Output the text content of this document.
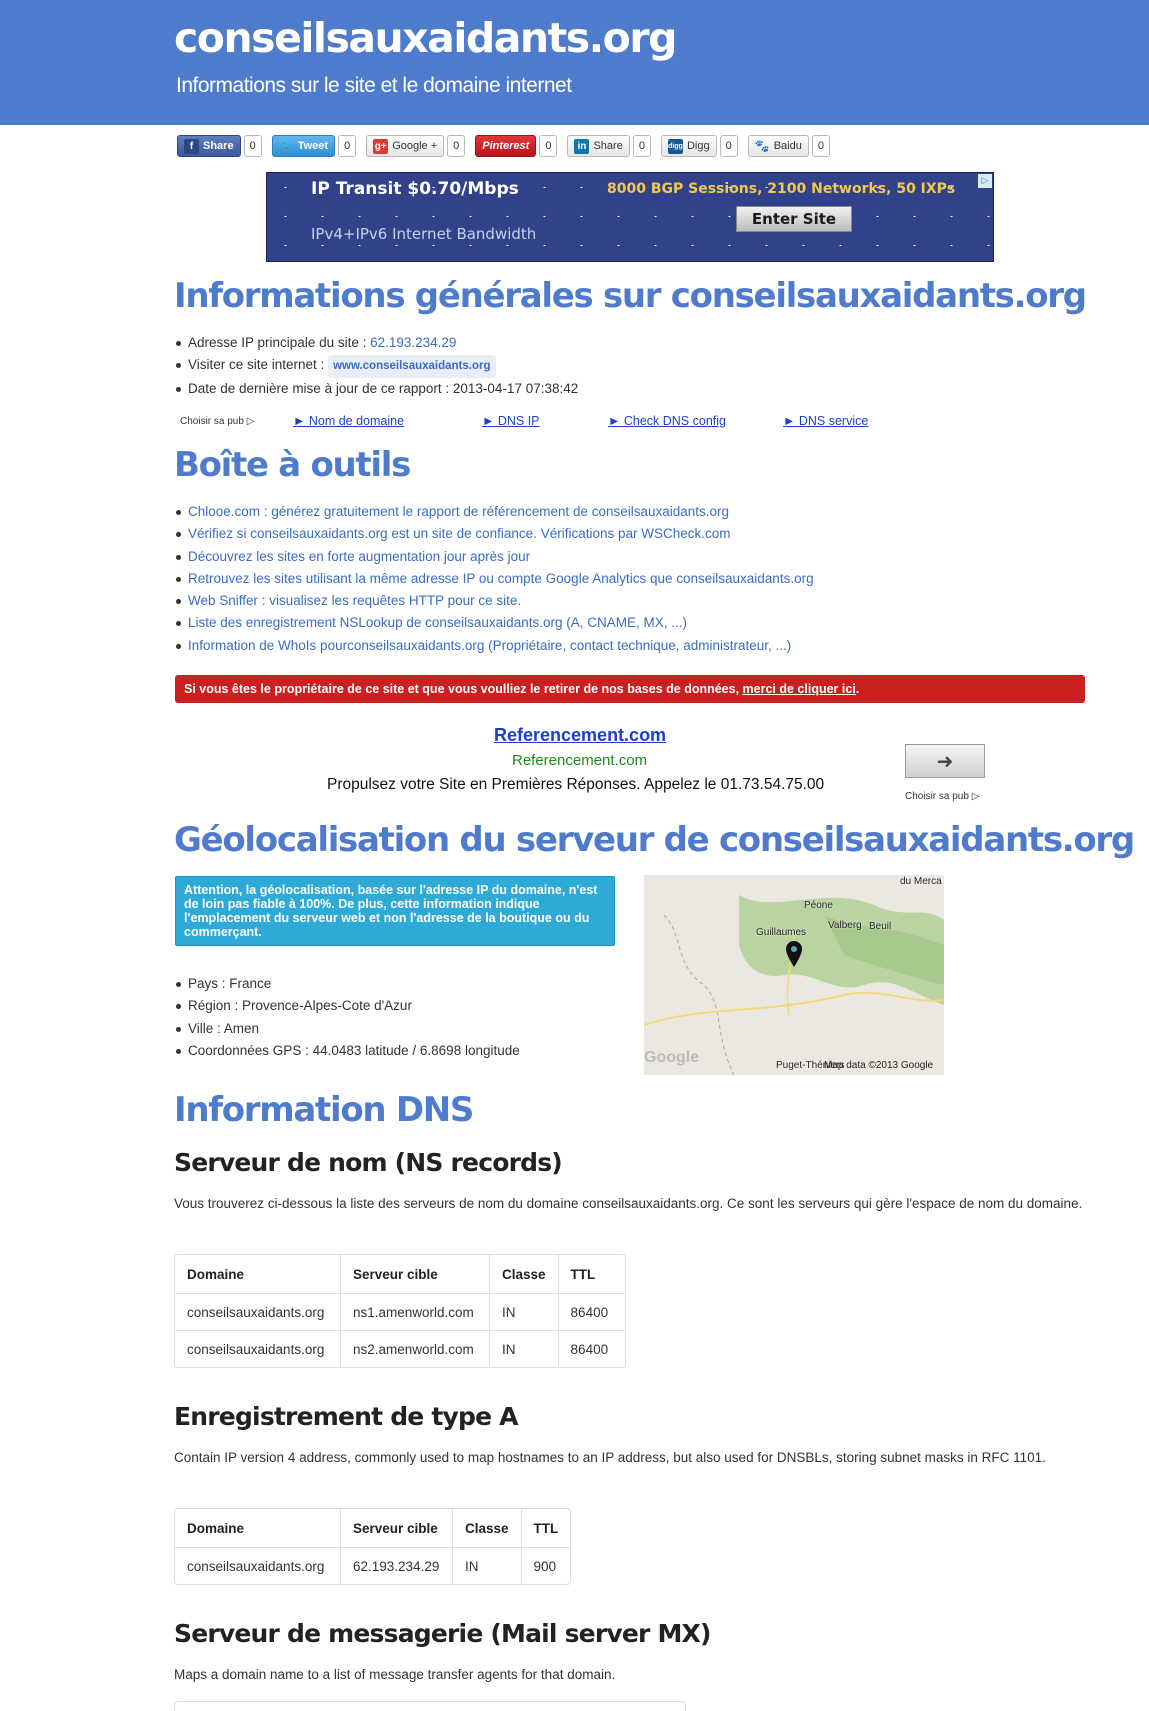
conseilsauxaidants.org
Informations sur le site et le domaine internet
f Share	0	🐦 Tweet	0	g+ Google +	0	Pinterest	0	in Share	0	digg Digg	0	🐾 Baidu	0
IP Transit $0.70/Mbps
IPv4+IPv6 Internet Bandwidth
8000 BGP Sessions, 2100 Networks, 50 IXPs
Enter Site
▷
Informations générales sur conseilsauxaidants.org
Adresse IP principale du site : 62.193.234.29
Visiter ce site internet : www.conseilsauxaidants.org
Date de dernière mise à jour de ce rapport : 2013-04-17 07:38:42
Choisir sa pub ▷	► Nom de domaine	► DNS IP	► Check DNS config	► DNS service
Boîte à outils
Chlooe.com : générez gratuitement le rapport de référencement de conseilsauxaidants.org
Vérifiez si conseilsauxaidants.org est un site de confiance. Vérifications par WSCheck.com
Découvrez les sites en forte augmentation jour après jour
Retrouvez les sites utilisant la même adresse IP ou compte Google Analytics que conseilsauxaidants.org
Web Sniffer : visualisez les requêtes HTTP pour ce site.
Liste des enregistrement NSLookup de conseilsauxaidants.org (A, CNAME, MX, ...)
Information de WhoIs pourconseilsauxaidants.org (Propriétaire, contact technique, administrateur, ...)
Si vous êtes le propriétaire de ce site et que vous voulliez le retirer de nos bases de données, merci de cliquer ici .
Referencement.com
Referencement.com
Propulsez votre Site en Premières Réponses. Appelez le 01.73.54.75.00
➜
Choisir sa pub ▷
Géolocalisation du serveur de conseilsauxaidants.org
Attention, la géolocalisation, basée sur l'adresse IP du domaine, n'est de loin pas fiable à 100%. De plus, cette information indique l'emplacement du serveur web et non l'adresse de la boutique ou du commerçant.
Pays : France
Région : Provence-Alpes-Cote d'Azur
Ville : Amen
Coordonnées GPS : 44.0483 latitude / 6.8698 longitude
du Merca
Péone
Guillaumes
Valberg Beuil
Puget-Théniers
Google	Map data ©2013 Google
Information DNS
Serveur de nom (NS records)

Vous trouverez ci-dessous la liste des serveurs de nom du domaine conseilsauxaidants.org. Ce sont les serveurs qui gère l'espace de nom du domaine.

Domaine	Serveur cible	Classe	TTL
conseilsauxaidants.org	ns1.amenworld.com	IN	86400
conseilsauxaidants.org	ns2.amenworld.com	IN	86400
Enregistrement de type A

Contain IP version 4 address, commonly used to map hostnames to an IP address, but also used for DNSBLs, storing subnet masks in RFC 1101.

Domaine	Serveur cible	Classe	TTL
conseilsauxaidants.org	62.193.234.29	IN	900
Serveur de messagerie (Mail server MX)

Maps a domain name to a list of message transfer agents for that domain.
